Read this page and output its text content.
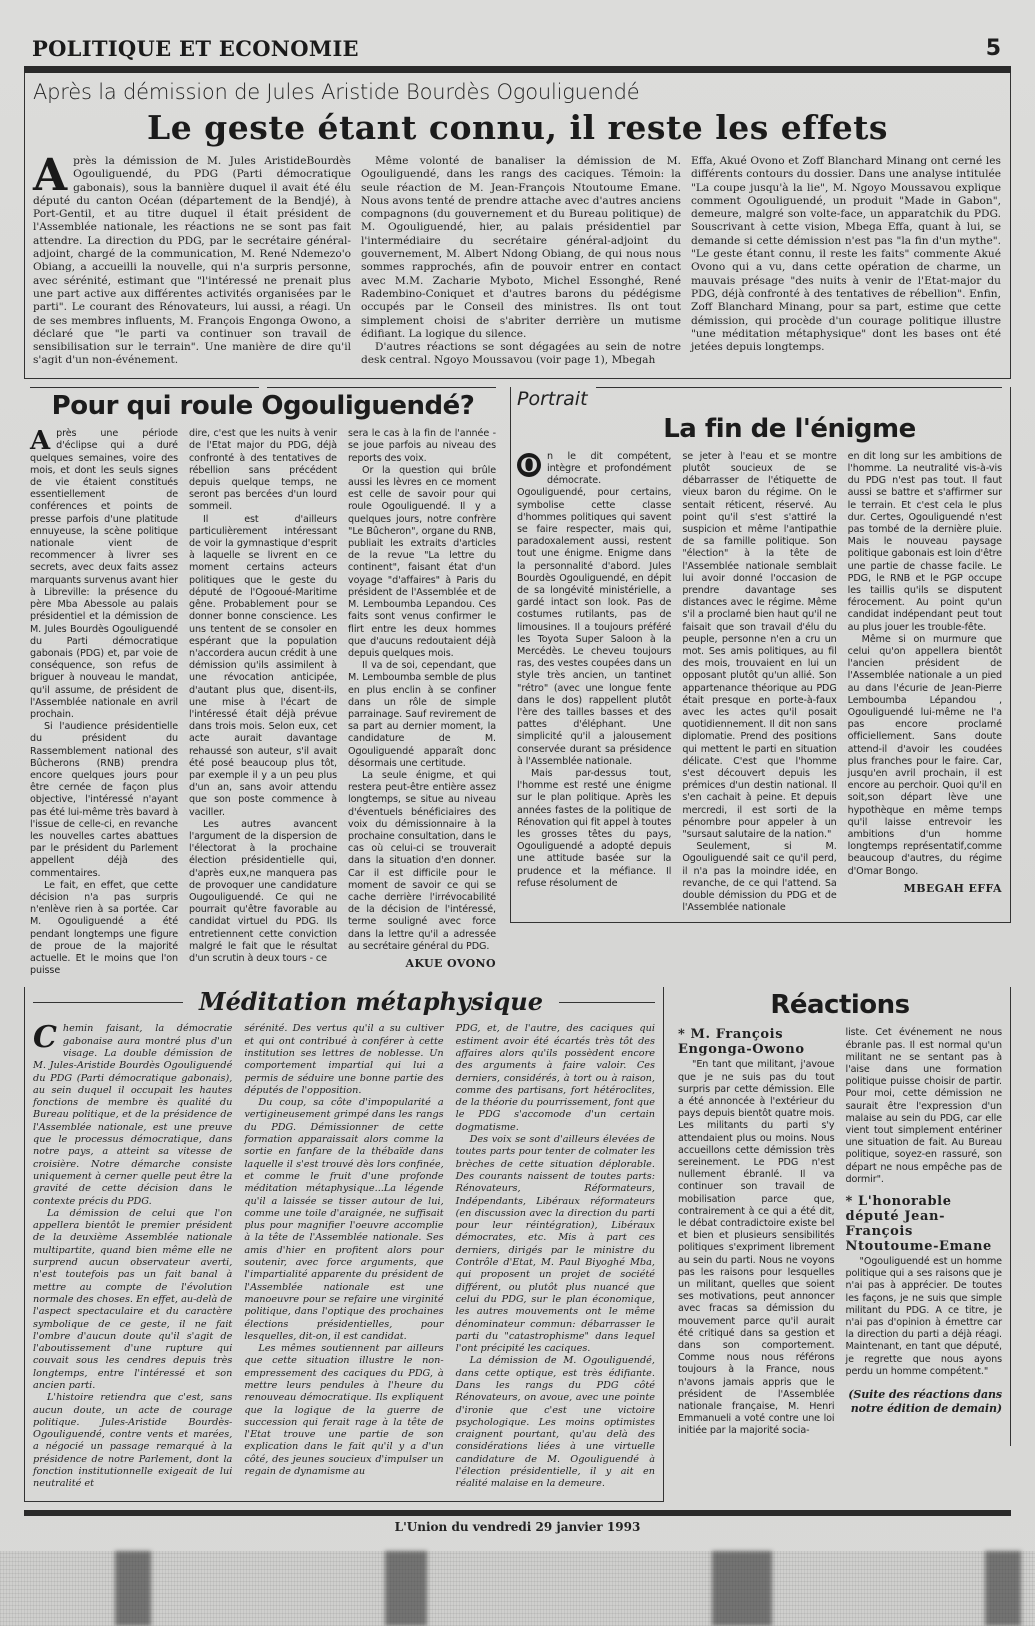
POLITIQUE ET ECONOMIE	5
Après la démission de Jules Aristide Bourdès Ogouliguendé
Le geste étant connu, il reste les effets

Après la démission de M. Jules AristideBourdès Ogouliguendé, du PDG (Parti démocratique gabonais), sous la bannière duquel il avait été élu député du canton Océan (département de la Bendjé), à Port-Gentil, et au titre duquel il était président de l'Assemblée nationale, les réactions ne se sont pas fait attendre. La direction du PDG, par le secrétaire général-adjoint, chargé de la communication, M. René Ndemezo'o Obiang, a accueilli la nouvelle, qui n'a surpris personne, avec sérénité, estimant que "l'intéressé ne prenait plus une part active aux différentes activités organisées par le parti". Le courant des Rénovateurs, lui aussi, a réagi. Un de ses membres influents, M. François Engonga Owono, a déclaré que "le parti va continuer son travail de sensibilisation sur le terrain". Une manière de dire qu'il s'agit d'un non-événement.

Même volonté de banaliser la démission de M. Ogouliguendé, dans les rangs des caciques. Témoin: la seule réaction de M. Jean-François Ntoutoume Emane. Nous avons tenté de prendre attache avec d'autres anciens compagnons (du gouvernement et du Bureau politique) de M. Ogouliguendé, hier, au palais présidentiel par l'intermédiaire du secrétaire général-adjoint du gouvernement, M. Albert Ndong Obiang, de qui nous nous sommes rapprochés, afin de pouvoir entrer en contact avec M.M. Zacharie Myboto, Michel Essonghé, René Radembino-Coniquet et d'autres barons du pédégisme occupés par le Conseil des ministres. Ils ont tout simplement choisi de s'abriter derrière un mutisme édifiant. La logique du silence.

D'autres réactions se sont dégagées au sein de notre desk central. Ngoyo Moussavou (voir page 1), Mbegah

Effa, Akué Ovono et Zoff Blanchard Minang ont cerné les différents contours du dossier. Dans une analyse intitulée "La coupe jusqu'à la lie", M. Ngoyo Moussavou explique comment Ogouliguendé, un produit "Made in Gabon", demeure, malgré son volte-face, un apparatchik du PDG. Souscrivant à cette vision, Mbega Effa, quant à lui, se demande si cette démission n'est pas "la fin d'un mythe". "Le geste étant connu, il reste les faits" commente Akué Ovono qui a vu, dans cette opération de charme, un mauvais présage "des nuits à venir de l'Etat-major du PDG, déjà confronté à des tentatives de rébellion". Enfin, Zoff Blanchard Minang, pour sa part, estime que cette démission, qui procède d'un courage politique illustre "une méditation métaphysique" dont les bases ont été jetées depuis longtemps.

Pour qui roule Ogouliguendé?

Après une période d'éclipse qui a duré quelques semaines, voire des mois, et dont les seuls signes de vie étaient constitués essentiellement de conférences et points de presse parfois d'une platitude ennuyeuse, la scène politique nationale vient de recommencer à livrer ses secrets, avec deux faits assez marquants survenus avant hier à Libreville: la présence du père Mba Abessole au palais présidentiel et la démission de M. Jules Bourdès Ogouliguendé du Parti démocratique gabonais (PDG) et, par voie de conséquence, son refus de briguer à nouveau le mandat, qu'il assume, de président de l'Assemblée nationale en avril prochain.

Si l'audience présidentielle du président du Rassemblement national des Bûcherons (RNB) prendra encore quelques jours pour être cernée de façon plus objective, l'intéressé n'ayant pas été lui-même très bavard à l'issue de celle-ci, en revanche les nouvelles cartes abattues par le président du Parlement appellent déjà des commentaires.

Le fait, en effet, que cette décision n'a pas surpris n'enlève rien à sa portée. Car M. Ogouliguendé a été pendant longtemps une figure de proue de la majorité actuelle. Et le moins que l'on puisse

dire, c'est que les nuits à venir de l'Etat major du PDG, déjà confronté à des tentatives de rébellion sans précédent depuis quelque temps, ne seront pas bercées d'un lourd sommeil.

Il est d'ailleurs particulièrement intéressant de voir la gymnastique d'esprit à laquelle se livrent en ce moment certains acteurs politiques que le geste du député de l'Ogooué-Maritime gêne. Probablement pour se donner bonne conscience. Les uns tentent de se consoler en espérant que la population n'accordera aucun crédit à une démission qu'ils assimilent à une révocation anticipée, d'autant plus que, disent-ils, une mise à l'écart de l'intéressé était déjà prévue dans trois mois. Selon eux, cet acte aurait davantage rehaussé son auteur, s'il avait été posé beaucoup plus tôt, par exemple il y a un peu plus d'un an, sans avoir attendu que son poste commence à vaciller.

Les autres avancent l'argument de la dispersion de l'électorat à la prochaine élection présidentielle qui, d'après eux,ne manquera pas de provoquer une candidature Ougouliguendé. Ce qui ne pourrait qu'être favorable au candidat virtuel du PDG. Ils entretiennent cette conviction malgré le fait que le résultat d'un scrutin à deux tours - ce

sera le cas à la fin de l'année - se joue parfois au niveau des reports des voix.

Or la question qui brûle aussi les lèvres en ce moment est celle de savoir pour qui roule Ogouliguendé. Il y a quelques jours, notre confrère "Le Bûcheron", organe du RNB, publiait les extraits d'articles de la revue "La lettre du continent", faisant état d'un voyage "d'affaires" à Paris du président de l'Assemblée et de M. Lemboumba Lepandou. Ces faits sont venus confirmer le flirt entre les deux hommes que d'aucuns redoutaient déjà depuis quelques mois.

Il va de soi, cependant, que M. Lemboumba semble de plus en plus enclin à se confiner dans un rôle de simple parrainage. Sauf revirement de sa part au dernier moment, la candidature de M. Ogouliguendé apparaît donc désormais une certitude.

La seule énigme, et qui restera peut-être entière assez longtemps, se situe au niveau d'éventuels bénéficiaires des voix du démissionnaire à la prochaine consultation, dans le cas où celui-ci se trouverait dans la situation d'en donner. Car il est difficile pour le moment de savoir ce qui se cache derrière l'irrévocabilité de la décision de l'intéressé, terme souligné avec force dans la lettre qu'il a adressée au secrétaire général du PDG.

AKUE OVONO
Portrait
La fin de l'énigme

O n le dit compétent, intègre et profondément démocrate. Ogouliguendé, pour certains, symbolise cette classe d'hommes politiques qui savent se faire respecter, mais qui, paradoxalement aussi, restent tout une énigme. Enigme dans la personnalité d'abord. Jules Bourdès Ogouliguendé, en dépit de sa longévité ministérielle, a gardé intact son look. Pas de costumes rutilants, pas de limousines. Il a toujours préféré les Toyota Super Saloon à la Mercédès. Le cheveu toujours ras, des vestes coupées dans un style très ancien, un tantinet "rétro" (avec une longue fente dans le dos) rappellent plutôt l'ère des tailles basses et des pattes d'éléphant. Une simplicité qu'il a jalousement conservée durant sa présidence à l'Assemblée nationale.

Mais par-dessus tout, l'homme est resté une énigme sur le plan politique. Après les années fastes de la politique de Rénovation qui fit appel à toutes les grosses têtes du pays, Ogouliguendé a adopté depuis une attitude basée sur la prudence et la méfiance. Il refuse résolument de

se jeter à l'eau et se montre plutôt soucieux de se débarrasser de l'étiquette de vieux baron du régime. On le sentait réticent, réservé. Au point qu'il s'est s'attiré la suspicion et même l'antipathie de sa famille politique. Son "élection" à la tête de l'Assemblée nationale semblait lui avoir donné l'occasion de prendre davantage ses distances avec le régime. Même s'il a proclamé bien haut qu'il ne faisait que son travail d'élu du peuple, personne n'en a cru un mot. Ses amis politiques, au fil des mois, trouvaient en lui un opposant plutôt qu'un allié. Son appartenance théorique au PDG était presque en porte-à-faux avec les actes qu'il posait quotidiennement. Il dit non sans diplomatie. Prend des positions qui mettent le parti en situation délicate. C'est que l'homme s'est découvert depuis les prémices d'un destin national. Il s'en cachait à peine. Et depuis mercredi, il est sorti de la pénombre pour appeler à un "sursaut salutaire de la nation."

Seulement, si M. Ogouliguendé sait ce qu'il perd, il n'a pas la moindre idée, en revanche, de ce qui l'attend. Sa double démission du PDG et de l'Assemblée nationale

en dit long sur les ambitions de l'homme. La neutralité vis-à-vis du PDG n'est pas tout. Il faut aussi se battre et s'affirmer sur le terrain. Et c'est cela le plus dur. Certes, Ogouliguendé n'est pas tombé de la dernière pluie. Mais le nouveau paysage politique gabonais est loin d'être une partie de chasse facile. Le PDG, le RNB et le PGP occupe les taillis qu'ils se disputent férocement. Au point qu'un candidat indépendant peut tout au plus jouer les trouble-fête.

Même si on murmure que celui qu'on appellera bientôt l'ancien président de l'Assemblée nationale a un pied au dans l'écurie de Jean-Pierre Lemboumba Lépandou , Ogouliguendé lui-même ne l'a pas encore proclamé officiellement. Sans doute attend-il d'avoir les coudées plus franches pour le faire. Car, jusqu'en avril prochain, il est encore au perchoir. Quoi qu'il en soit,son départ lève une hypothèque en même temps qu'il laisse entrevoir les ambitions d'un homme longtemps représentatif,comme beaucoup d'autres, du régime d'Omar Bongo.

MBEGAH EFFA
Méditation métaphysique

Chemin faisant, la démocratie gabonaise aura montré plus d'un visage. La double démission de M. Jules-Aristide Bourdès Ogouliguendé du PDG (Parti démocratique gabonais), au sein duquel il occupait les hautes fonctions de membre ès qualité du Bureau politique, et de la présidence de l'Assemblée nationale, est une preuve que le processus démocratique, dans notre pays, a atteint sa vitesse de croisière. Notre démarche consiste uniquement à cerner quelle peut être la gravité de cette décision dans le contexte précis du PDG.

La démission de celui que l'on appellera bientôt le premier président de la deuxième Assemblée nationale multipartite, quand bien même elle ne surprend aucun observateur averti, n'est toutefois pas un fait banal à mettre au compte de l'évolution normale des choses. En effet, au-delà de l'aspect spectaculaire et du caractère symbolique de ce geste, il ne fait l'ombre d'aucun doute qu'il s'agit de l'aboutissement d'une rupture qui couvait sous les cendres depuis très longtemps, entre l'intéressé et son ancien parti.

L'histoire retiendra que c'est, sans aucun doute, un acte de courage politique. Jules-Aristide Bourdès-Ogouliguendé, contre vents et marées, a négocié un passage remarqué à la présidence de notre Parlement, dont la fonction institutionnelle exigeait de lui neutralité et

sérénité. Des vertus qu'il a su cultiver et qui ont contribué à conférer à cette institution ses lettres de noblesse. Un comportement impartial qui lui a permis de séduire une bonne partie des députés de l'opposition.

Du coup, sa côte d'impopularité a vertigineusement grimpé dans les rangs du PDG. Démissionner de cette formation apparaissait alors comme la sortie en fanfare de la thébaïde dans laquelle il s'est trouvé dès lors confinée, et comme le fruit d'une profonde méditation métaphysique...La légende qu'il a laissée se tisser autour de lui, comme une toile d'araignée, ne suffisait plus pour magnifier l'oeuvre accomplie à la tête de l'Assemblée nationale. Ses amis d'hier en profitent alors pour soutenir, avec force arguments, que l'impartialité apparente du président de l'Assemblée nationale est une manoeuvre pour se refaire une virginité politique, dans l'optique des prochaines élections présidentielles, pour lesquelles, dit-on, il est candidat.

Les mêmes soutiennent par ailleurs que cette situation illustre le non-empressement des caciques du PDG, à mettre leurs pendules à l'heure du renouveau démocratique. Ils expliquent que la logique de la guerre de succession qui ferait rage à la tête de l'Etat trouve une partie de son explication dans le fait qu'il y a d'un côté, des jeunes soucieux d'impulser un regain de dynamisme au

PDG, et, de l'autre, des caciques qui estiment avoir été écartés très tôt des affaires alors qu'ils possèdent encore des arguments à faire valoir. Ces derniers, considérés, à tort ou à raison, comme des partisans, fort hétéroclites, de la théorie du pourrissement, font que le PDG s'accomode d'un certain dogmatisme.

Des voix se sont d'ailleurs élevées de toutes parts pour tenter de colmater les brèches de cette situation déplorable. Des courants naissent de toutes parts: Rénovateurs, Réformateurs, Indépendants, Libéraux réformateurs (en discussion avec la direction du parti pour leur réintégration), Libéraux démocrates, etc. Mis à part ces derniers, dirigés par le ministre du Contrôle d'Etat, M. Paul Biyoghé Mba, qui proposent un projet de société différent, ou plutôt plus nuancé que celui du PDG, sur le plan économique, les autres mouvements ont le même dénominateur commun: débarrasser le parti du "catastrophisme" dans lequel l'ont précipité les caciques.

La démission de M. Ogouliguendé, dans cette optique, est très édifiante. Dans les rangs du PDG côté Rénovateurs, on avoue, avec une pointe d'ironie que c'est une victoire psychologique. Les moins optimistes craignent pourtant, qu'au delà des considérations liées à une virtuelle candidature de M. Ogouliguendé à l'élection présidentielle, il y ait en réalité malaise en la demeure.

Réactions

* M. François Engonga-Owono

"En tant que militant, j'avoue que je ne suis pas du tout surpris par cette démission. Elle a été annoncée à l'extérieur du pays depuis bientôt quatre mois. Les militants du parti s'y attendaient plus ou moins. Nous accueillons cette démission très sereinement. Le PDG n'est nullement ébranlé. Il va continuer son travail de mobilisation parce que, contrairement à ce qui a été dit, le débat contradictoire existe bel et bien et plusieurs sensibilités politiques s'expriment librement au sein du parti. Nous ne voyons pas les raisons pour lesquelles un militant, quelles que soient ses motivations, peut annoncer avec fracas sa démission du mouvement parce qu'il aurait été critiqué dans sa gestion et dans son comportement. Comme nous nous référons toujours à la France, nous n'avons jamais appris que le président de l'Assemblée nationale française, M. Henri Emmanueli a voté contre une loi initiée par la majorité socia-

liste. Cet événement ne nous ébranle pas. Il est normal qu'un militant ne se sentant pas à l'aise dans une formation politique puisse choisir de partir. Pour moi, cette démission ne saurait être l'expression d'un malaise au sein du PDG, car elle vient tout simplement entériner une situation de fait. Au Bureau politique, soyez-en rassuré, son départ ne nous empêche pas de dormir".

* L'honorable député Jean-François Ntoutoume-Emane

"Ogouliguendé est un homme politique qui a ses raisons que je n'ai pas à apprécier. De toutes les façons, je ne suis que simple militant du PDG. A ce titre, je n'ai pas d'opinion à émettre car la direction du parti a déjà réagi. Maintenant, en tant que député, je regrette que nous ayons perdu un homme compétent."

(Suite des réactions dans notre édition de demain)
L'Union du vendredi 29 janvier 1993
